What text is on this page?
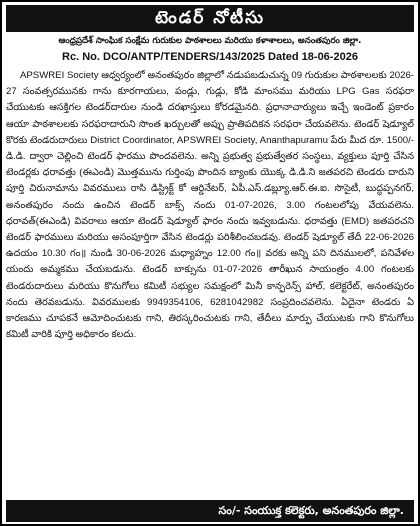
టెండర్ నోటీసు
ఆంధ్రప్రదేశ్ సాంఘిక సంక్షేమ గురుకుల పాఠశాలలు మరియు కళాశాలలు, అనంతపురం జిల్లా.
Rc. No. DCO/ANTP/TENDERS/143/2025 Dated 18-06-2026

APSWREI Society ఆధ్వర్యంలో అనంతపురం జిల్లాలో నడుపబడుచున్న 09 గురుకుల పాఠశాలలకు 2026-27 సంవత్సరమునకు గాను కూరగాయలు, పండ్లు, గుడ్లు, కోడి మాంసము మరియు LPG Gas సరఫరా చేయుటకు ఆసక్తిగల టెండర్‌దారుల నుండి దరఖాస్తులు కోరడమైనది. ప్రధానాచార్యులు ఇచ్చే ఇండెంట్ ప్రకారం ఆయా పాఠశాలలకు సరఫరాదారుని సొంత ఖర్చులతో అప్పు ప్రాతిపదికన సరఫరా చేయవలెను. టెండర్ షెడ్యూల్ కొరకు టెండరుదారులు District Coordinator, APSWREI Society, Ananthapuramu పేరు మీద రూ. 1500/- డి.డి. ద్వారా చెల్లించి టెండర్ ఫారము పొందవలెను. అన్ని ప్రభుత్వ ప్రభుత్వేతర సంస్థలు, వ్యక్తులు పూర్తి చేసిన టెండర్లకు ధరావత్తు (ఈఎండి) మొత్తమును గుర్తింపు పొందిన బ్యాంకు యొక్క డి.డి.ని జతపరచి టెండరు దారుని పూర్తి చిరునామాను వివరములు రాసి డిస్ట్రిక్ట్ కో ఆర్డినేటర్, ఏపీ.ఎస్.డబ్ల్యూ.ఆర్.ఈ.ఐ. సొసైటీ, బుద్ధప్పనగర్, అనంతపురం నందు ఉంచిన టెండర్ బాక్స్ నందు 01-07-2026, 3.00 గంటలలోపు వేయవలెను. ధరావత్(ఈఎండి) వివరాలు ఆయా టెండర్ షెడ్యూల్ ఫారం నందు ఇవ్వబడును. ధరావత్తు (EMD) జతపరచని టెండర్ ఫారములు మరియు అసంపూర్తిగా వేసిన టెండర్లు పరిశీలించబడవు. టెండర్ షెడ్యూల్ తేదీ 22-06-2026 ఉదయం 10.30 గం॥ నుండి 30-06-2026 మధ్యాహ్నం 12.00 గం॥ వరకు అన్ని పని దినములలో, పనివేళల యందు అమ్మకము చేయబడును. టెండర్ బాక్సును 01-07-2026 తారీఖున సాయంత్రం 4.00 గంటలకు టెండరుదారులు మరియు కొనుగోలు కమిటీ సభ్యుల సమక్షంలో మినీ కాన్ఫరెన్స్ హాల్, కలెక్టరేట్, అనంతపురం నందు తెరవబడును. వివరములకు 9949354106, 6281042982 సంప్రదించవలెను. ఏదైనా టెండరు ఏ కారణము చూపకనే ఆమోదించుటకు గాని, తిరస్కరించుటకు గాని, తేదీలు మార్పు చేయుటకు గాని కొనుగోలు కమిటీ వారికి పూర్తి అధికారం కలదు.

సం/- సంయుక్త కలెక్టరు, అనంతపురం జిల్లా.
